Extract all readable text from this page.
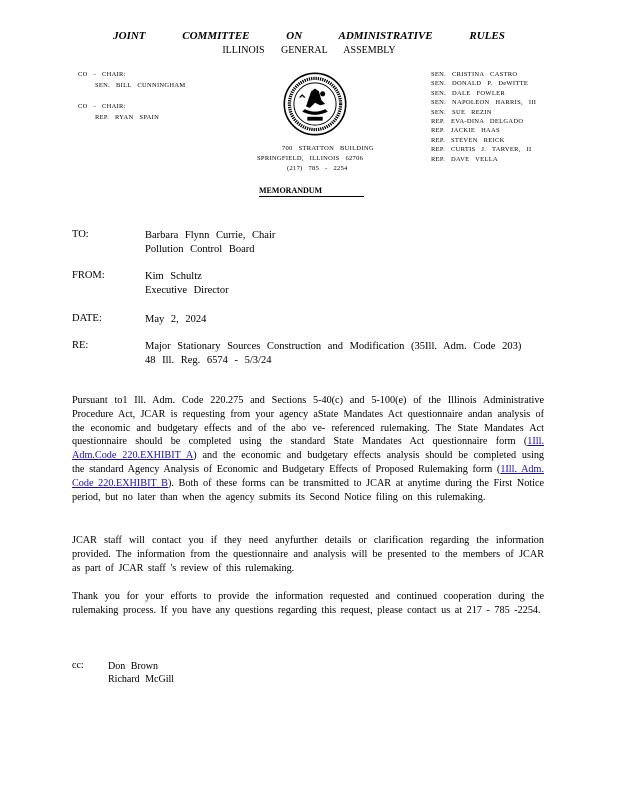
JOINT COMMITTEE ON ADMINISTRATIVE RULES
ILLINOIS GENERAL ASSEMBLY
CO - CHAIR:
SEN. BILL CUNNINGHAM
CO - CHAIR:
REP. RYAN SPAIN
SEN. CRISTINA CASTRO
SEN. DONALD P. DeWITTE
SEN. DALE FOWLER
SEN. NAPOLEON HARRIS, III
SEN. SUE REZIN
REP. EVA-DINA DELGADO
REP. JACKIE HAAS
REP. STEVEN REICK
REP. CURTIS J. TARVER, II
REP. DAVE VELLA
700 STRATTON BUILDING
SPRINGFIELD, ILLINOIS 62706
(217) 785 - 2254
MEMORANDUM
TO:	Barbara Flynn Currie, Chair
Pollution Control Board
FROM:	Kim Schultz
Executive Director
DATE:	May 2, 2024
RE:	Major Stationary Sources Construction and Modification (35Ill. Adm. Code 203)
48 Ill. Reg. 6574 - 5/3/24
Pursuant to1 Ill. Adm. Code 220.275 and Sections 5-40(c) and 5-100(e) of the Illinois Administrative Procedure Act, JCAR is requesting from your agency aState Mandates Act questionnaire andan analysis of the economic and budgetary effects and of the abo ve- referenced rulemaking. The State Mandates Act questionnaire should be completed using the standard State Mandates Act questionnaire form (1Ill. Adm.Code 220.EXHIBIT A) and the economic and budgetary effects analysis should be completed using the standard Agency Analysis of Economic and Budgetary Effects of Proposed Rulemaking form (1Ill. Adm. Code 220.EXHIBIT B). Both of these forms can be transmitted to JCAR at anytime during the First Notice period, but no later than when the agency submits its Second Notice filing on this rulemaking.
JCAR staff will contact you if they need anyfurther details or clarification regarding the information provided. The information from the questionnaire and analysis will be presented to the members of JCAR as part of JCAR staff 's review of this rulemaking.
Thank you for your efforts to provide the information requested and continued cooperation during the rulemaking process. If you have any questions regarding this request, please contact us at 217 - 785 -2254.
cc: Don Brown
Richard McGill
